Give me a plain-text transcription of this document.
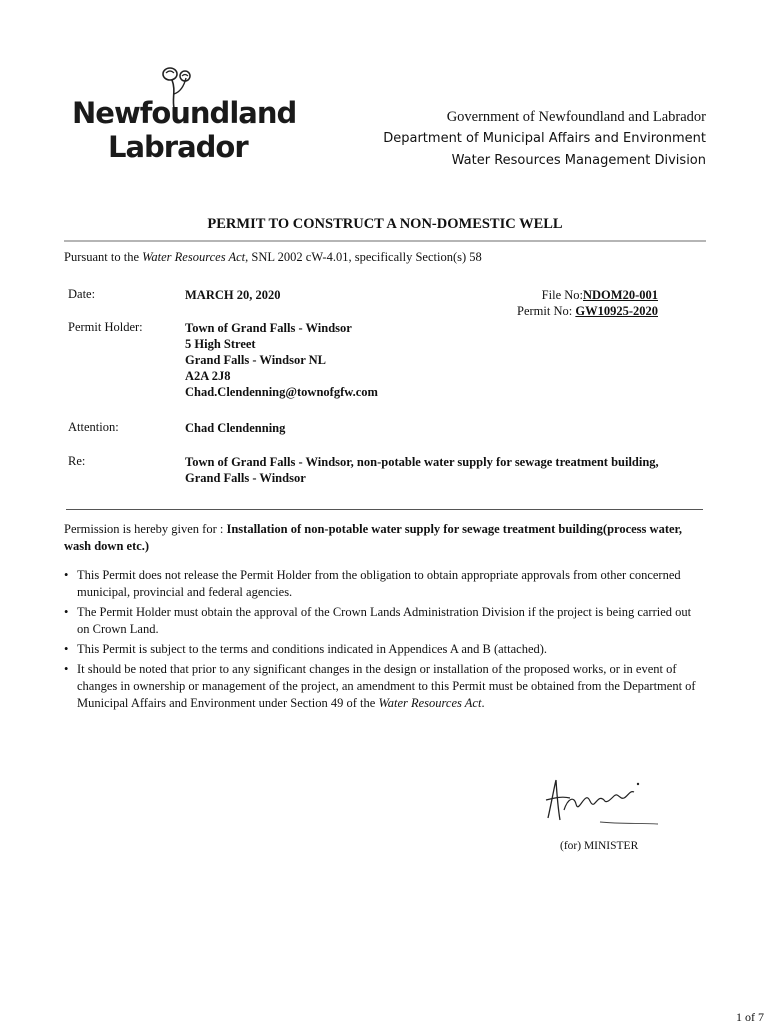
Newfoundland
Labrador
Government of Newfoundland and Labrador
Department of Municipal Affairs and Environment
Water Resources Management Division
PERMIT TO CONSTRUCT A NON-DOMESTIC WELL
Pursuant to the Water Resources Act, SNL 2002 cW-4.01, specifically Section(s) 58
Date:	MARCH 20, 2020	File No:NDOM20-001
Permit No: GW10925-2020
Permit Holder:	Town of Grand Falls - Windsor
5 High Street
Grand Falls - Windsor NL
A2A 2J8
Chad.Clendenning@townofgfw.com
Attention:	Chad Clendenning
Re:	Town of Grand Falls - Windsor, non-potable water supply for sewage treatment building,
Grand Falls - Windsor
Permission is hereby given for : Installation of non-potable water supply for sewage treatment building(process water, wash down etc.)
• This Permit does not release the Permit Holder from the obligation to obtain appropriate approvals from other concerned municipal, provincial and federal agencies.
• The Permit Holder must obtain the approval of the Crown Lands Administration Division if the project is being carried out on Crown Land.
• This Permit is subject to the terms and conditions indicated in Appendices A and B (attached).
• It should be noted that prior to any significant changes in the design or installation of the proposed works, or in event of changes in ownership or management of the project, an amendment to this Permit must be obtained from the Department of Municipal Affairs and Environment under Section 49 of the Water Resources Act.
(for) MINISTER
1 of 7
